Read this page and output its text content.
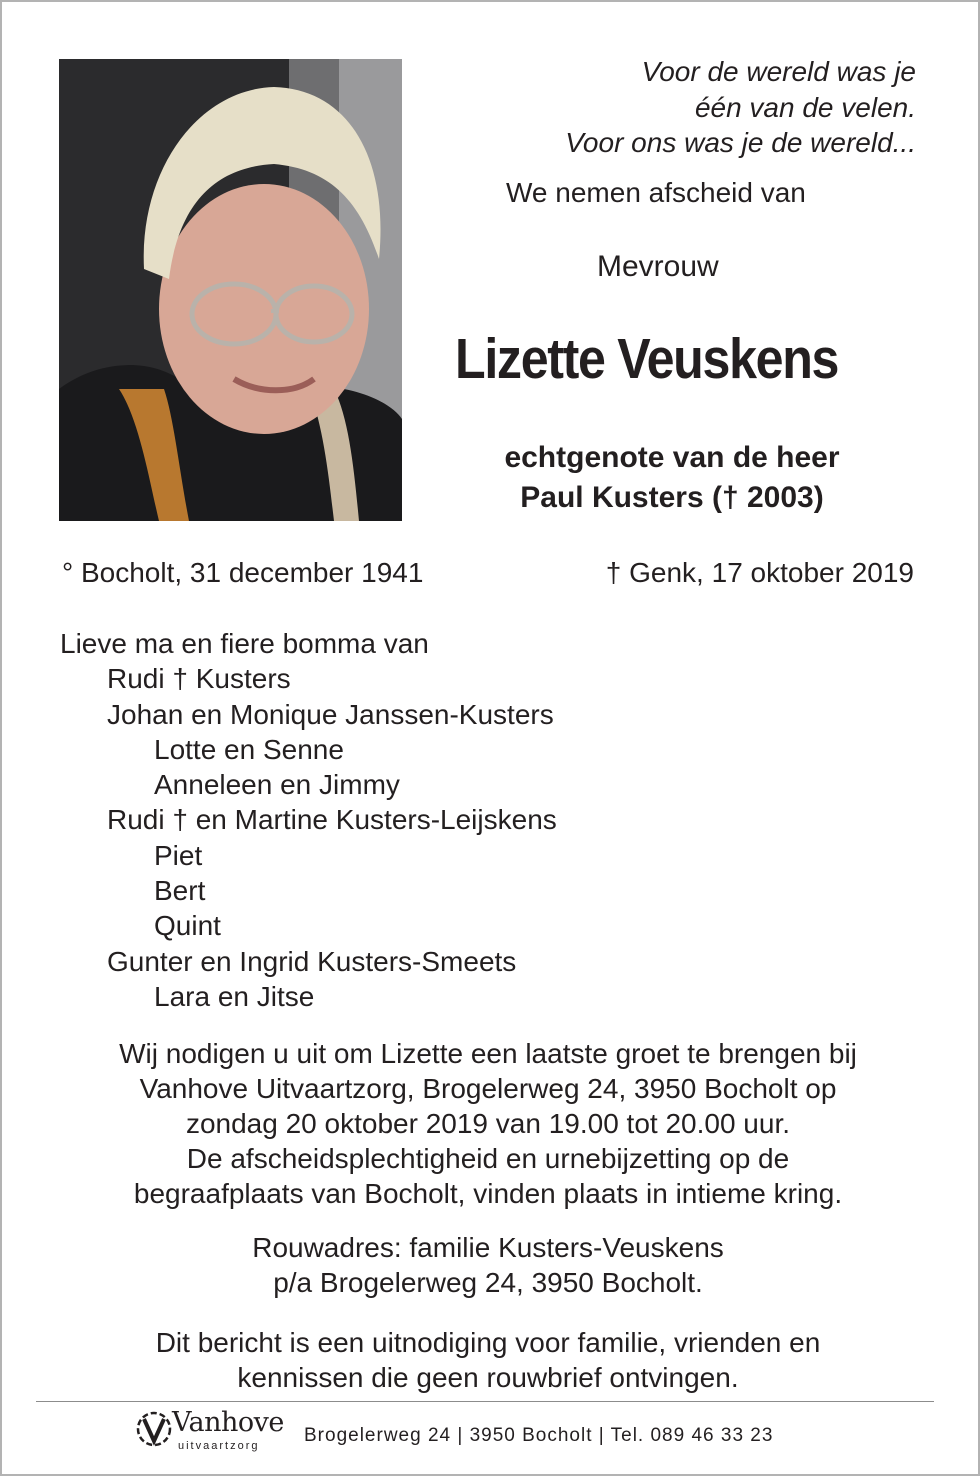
Voor de wereld was je
één van de velen.
Voor ons was je de wereld...
We nemen afscheid van
Mevrouw
Lizette Veuskens
echtgenote van de heer
Paul Kusters († 2003)
° Bocholt, 31 december 1941	† Genk, 17 oktober 2019
Lieve ma en fiere bomma van
Rudi † Kusters
Johan en Monique Janssen-Kusters
Lotte en Senne
Anneleen en Jimmy
Rudi † en Martine Kusters-Leijskens
Piet
Bert
Quint
Gunter en Ingrid Kusters-Smeets
Lara en Jitse
Wij nodigen u uit om Lizette een laatste groet te brengen bij
Vanhove Uitvaartzorg, Brogelerweg 24, 3950 Bocholt op
zondag 20 oktober 2019 van 19.00 tot 20.00 uur.
De afscheidsplechtigheid en urnebijzetting op de
begraafplaats van Bocholt, vinden plaats in intieme kring.
Rouwadres: familie Kusters-Veuskens
p/a Brogelerweg 24, 3950 Bocholt.
Dit bericht is een uitnodiging voor familie, vrienden en
kennissen die geen rouwbrief ontvingen.
Vanhove
uitvaartzorg Brogelerweg 24 | 3950 Bocholt | Tel. 089 46 33 23
